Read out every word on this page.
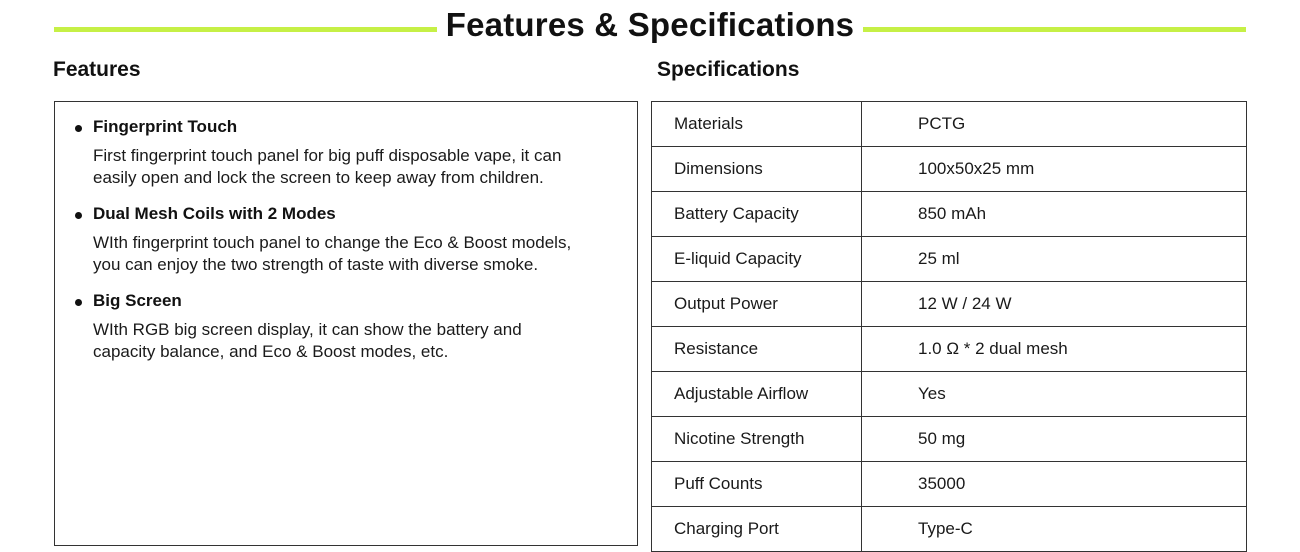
Features & Specifications
Features	Specifications
Fingerprint Touch
First fingerprint touch panel for big puff disposable vape, it can
easily open and lock the screen to keep away from children.
Dual Mesh Coils with 2 Modes
WIth fingerprint touch panel to change the Eco & Boost models,
you can enjoy the two strength of taste with diverse smoke.
Big Screen
WIth RGB big screen display, it can show the battery and
capacity balance, and Eco & Boost modes, etc.
Materials	PCTG
Dimensions	100x50x25 mm
Battery Capacity	850 mAh
E-liquid Capacity	25 ml
Output Power	12 W / 24 W
Resistance	1.0 Ω * 2 dual mesh
Adjustable Airflow	Yes
Nicotine Strength	50 mg
Puff Counts	35000
Charging Port	Type-C
